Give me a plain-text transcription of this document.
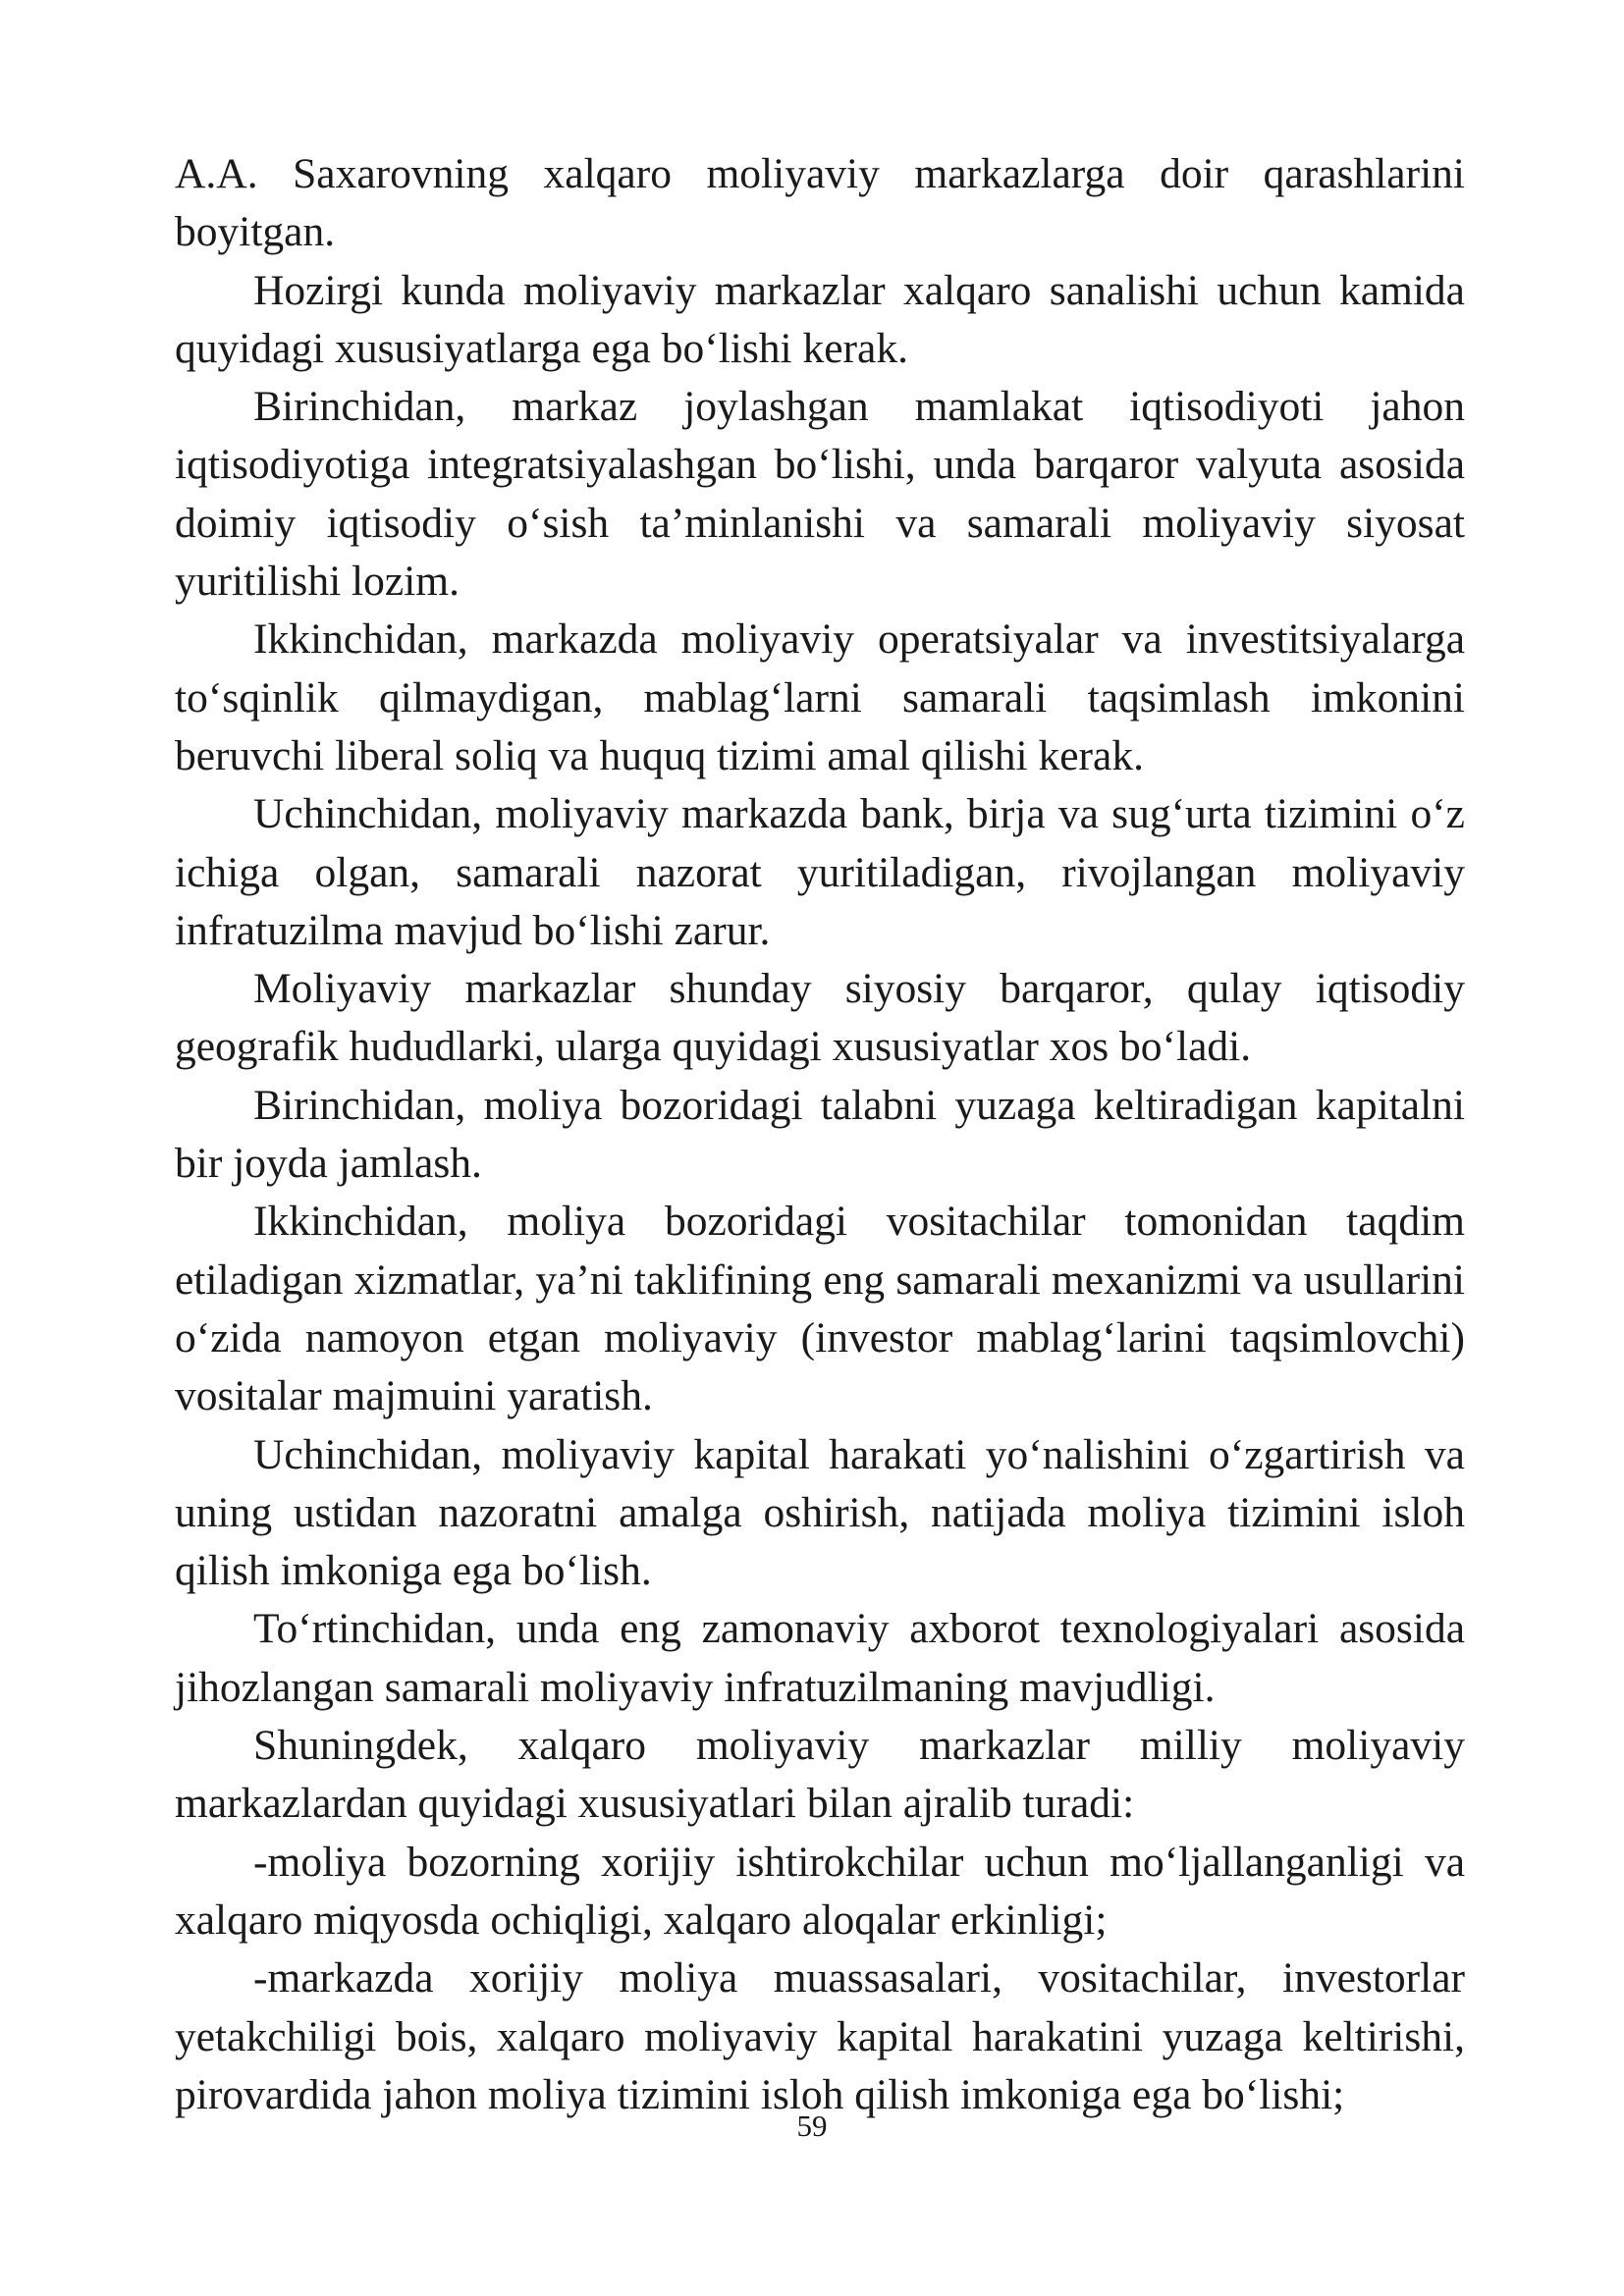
A.A. Saxarovning xalqaro moliyaviy markazlarga doir qarashlarini boyitgan.

Hozirgi kunda moliyaviy markazlar xalqaro sanalishi uchun kamida quyidagi xususiyatlarga ega bo‘lishi kerak.

Birinchidan, markaz joylashgan mamlakat iqtisodiyoti jahon iqtisodiyotiga integratsiyalashgan bo‘lishi, unda barqaror valyuta asosida doimiy iqtisodiy o‘sish ta’minlanishi va samarali moliyaviy siyosat yuritilishi lozim.

Ikkinchidan, markazda moliyaviy operatsiyalar va investitsiyalarga to‘sqinlik qilmaydigan, mablag‘larni samarali taqsimlash imkonini beruvchi liberal soliq va huquq tizimi amal qilishi kerak.

Uchinchidan, moliyaviy markazda bank, birja va sug‘urta tizimini o‘z ichiga olgan, samarali nazorat yuritiladigan, rivojlangan moliyaviy infratuzilma mavjud bo‘lishi zarur.

Moliyaviy markazlar shunday siyosiy barqaror, qulay iqtisodiy geografik hududlarki, ularga quyidagi xususiyatlar xos bo‘ladi.

Birinchidan, moliya bozoridagi talabni yuzaga keltiradigan kapitalni bir joyda jamlash.

Ikkinchidan, moliya bozoridagi vositachilar tomonidan taqdim etiladigan xizmatlar, ya’ni taklifining eng samarali mexanizmi va usullarini o‘zida namoyon etgan moliyaviy (investor mablag‘larini taqsimlovchi) vositalar majmuini yaratish.

Uchinchidan, moliyaviy kapital harakati yo‘nalishini o‘zgartirish va uning ustidan nazoratni amalga oshirish, natijada moliya tizimini isloh qilish imkoniga ega bo‘lish.

To‘rtinchidan, unda eng zamonaviy axborot texnologiyalari asosida jihozlangan samarali moliyaviy infratuzilmaning mavjudligi.

Shuningdek, xalqaro moliyaviy markazlar milliy moliyaviy markazlardan quyidagi xususiyatlari bilan ajralib turadi:

-moliya bozorning xorijiy ishtirokchilar uchun mo‘ljallanganligi va xalqaro miqyosda ochiqligi, xalqaro aloqalar erkinligi;

-markazda xorijiy moliya muassasalari, vositachilar, investorlar yetakchiligi bois, xalqaro moliyaviy kapital harakatini yuzaga keltirishi, pirovardida jahon moliya tizimini isloh qilish imkoniga ega bo‘lishi;

59
